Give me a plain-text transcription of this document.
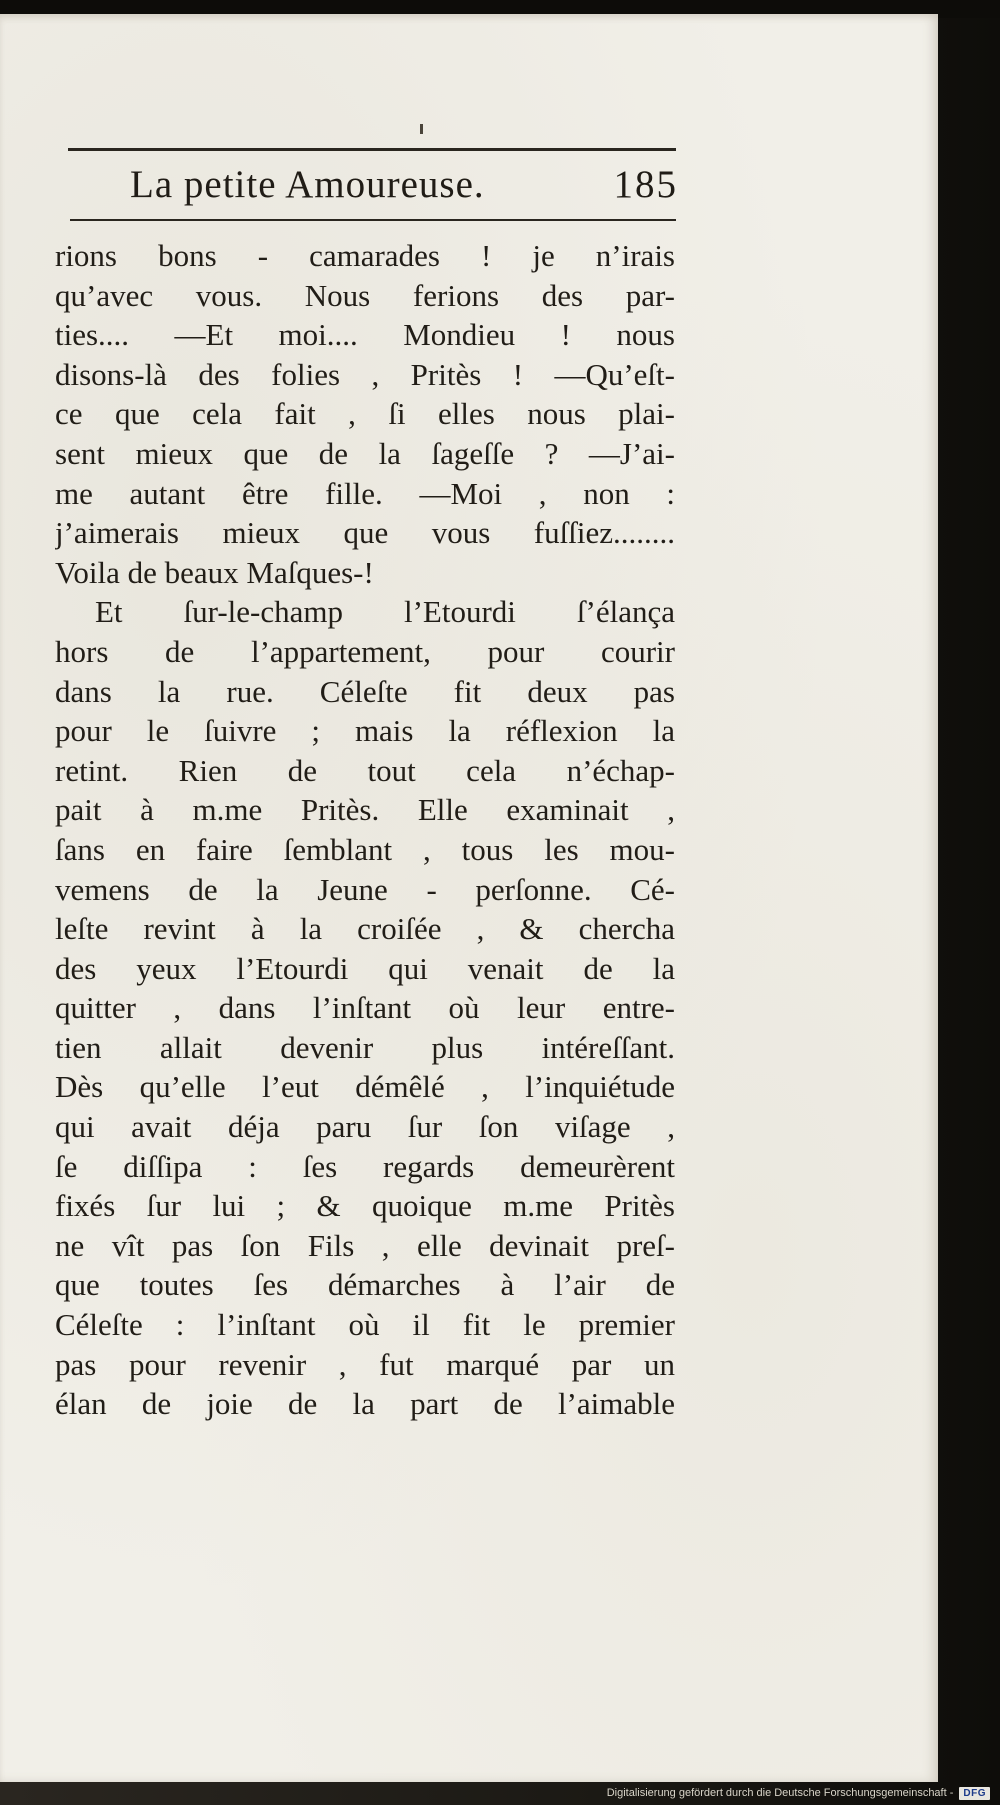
La petite Amoureuse.	185
rions bons - camarades ! je n’irais
qu’avec vous. Nous ferions des par-
ties.... —Et moi.... Mondieu ! nous
disons-là des folies , Pritès ! —Qu’eſt-
ce que cela fait , ſi elles nous plai-
sent mieux que de la ſageſſe ? —J’ai-
me autant être fille. —Moi , non :
j’aimerais mieux que vous fuſſiez........
Voila de beaux Maſques-!
Et ſur-le-champ l’Etourdi ſ’élança
hors de l’appartement, pour courir
dans la rue. Céleſte fit deux pas
pour le ſuivre ; mais la réflexion la
retint. Rien de tout cela n’échap-
pait à m.me Pritès. Elle examinait ,
ſans en faire ſemblant , tous les mou-
vemens de la Jeune - perſonne. Cé-
leſte revint à la croiſée , & chercha
des yeux l’Etourdi qui venait de la
quitter , dans l’inſtant où leur entre-
tien allait devenir plus intéreſſant.
Dès qu’elle l’eut démêlé , l’inquiétude
qui avait déja paru ſur ſon viſage ,
ſe diſſipa : ſes regards demeurèrent
fixés ſur lui ; & quoique m.me Pritès
ne vît pas ſon Fils , elle devinait preſ-
que toutes ſes démarches à l’air de
Céleſte : l’inſtant où il fit le premier
pas pour revenir , fut marqué par un
élan de joie de la part de l’aimable
Digitalisierung gefördert durch die Deutsche Forschungsgemeinschaft -	DFG
